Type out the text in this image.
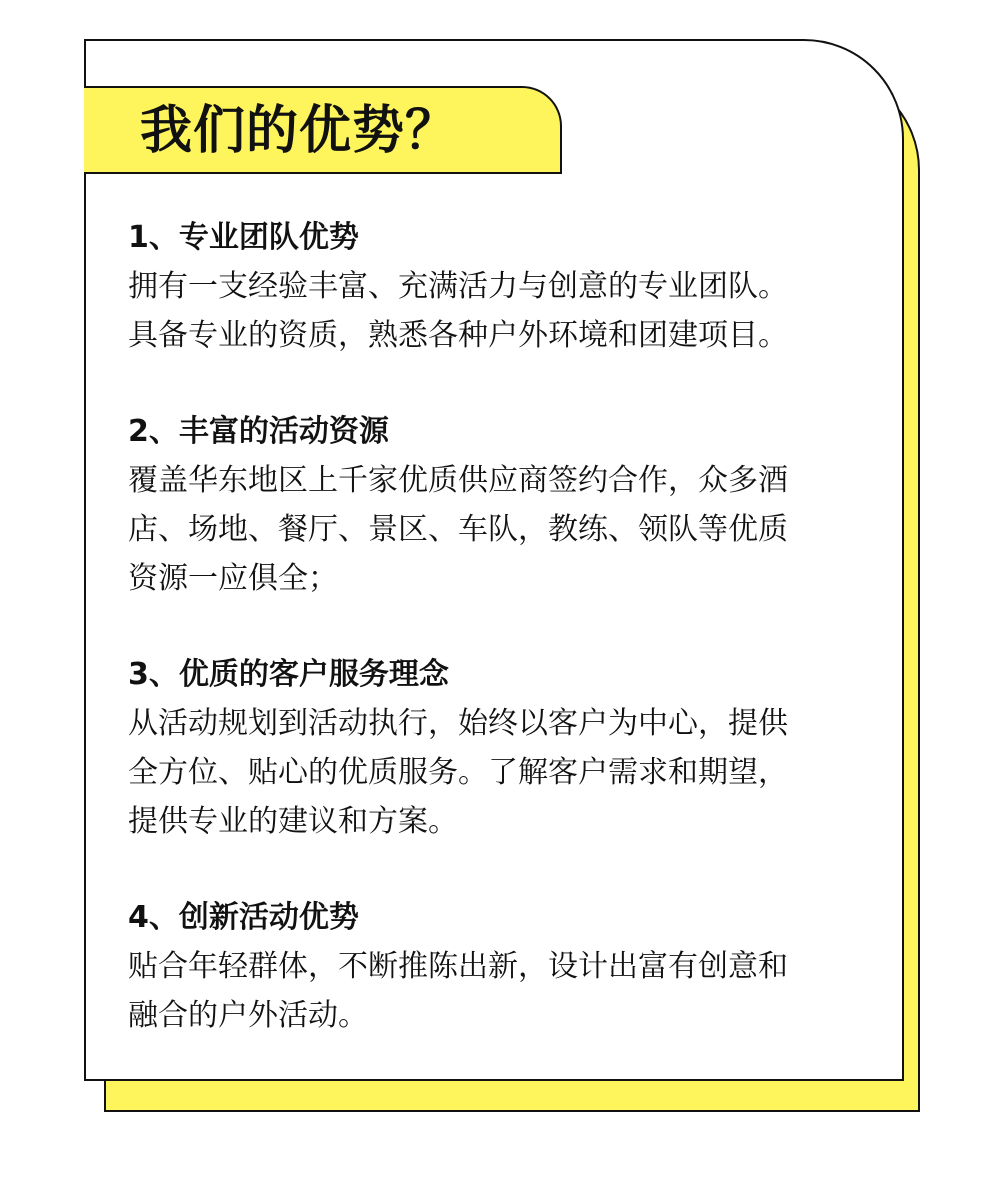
我们的优势？

1、专业团队优势

拥有一支经验丰富、充满活力与创意的专业团队。

具备专业的资质，熟悉各种户外环境和团建项目。

2、丰富的活动资源

覆盖华东地区上千家优质供应商签约合作，众多酒

店、场地、餐厅、景区、车队，教练、领队等优质

资源一应俱全；

3、优质的客户服务理念

从活动规划到活动执行，始终以客户为中心，提供

全方位、贴心的优质服务。了解客户需求和期望，

提供专业的建议和方案。

4、创新活动优势

贴合年轻群体，不断推陈出新，设计出富有创意和

融合的户外活动。
